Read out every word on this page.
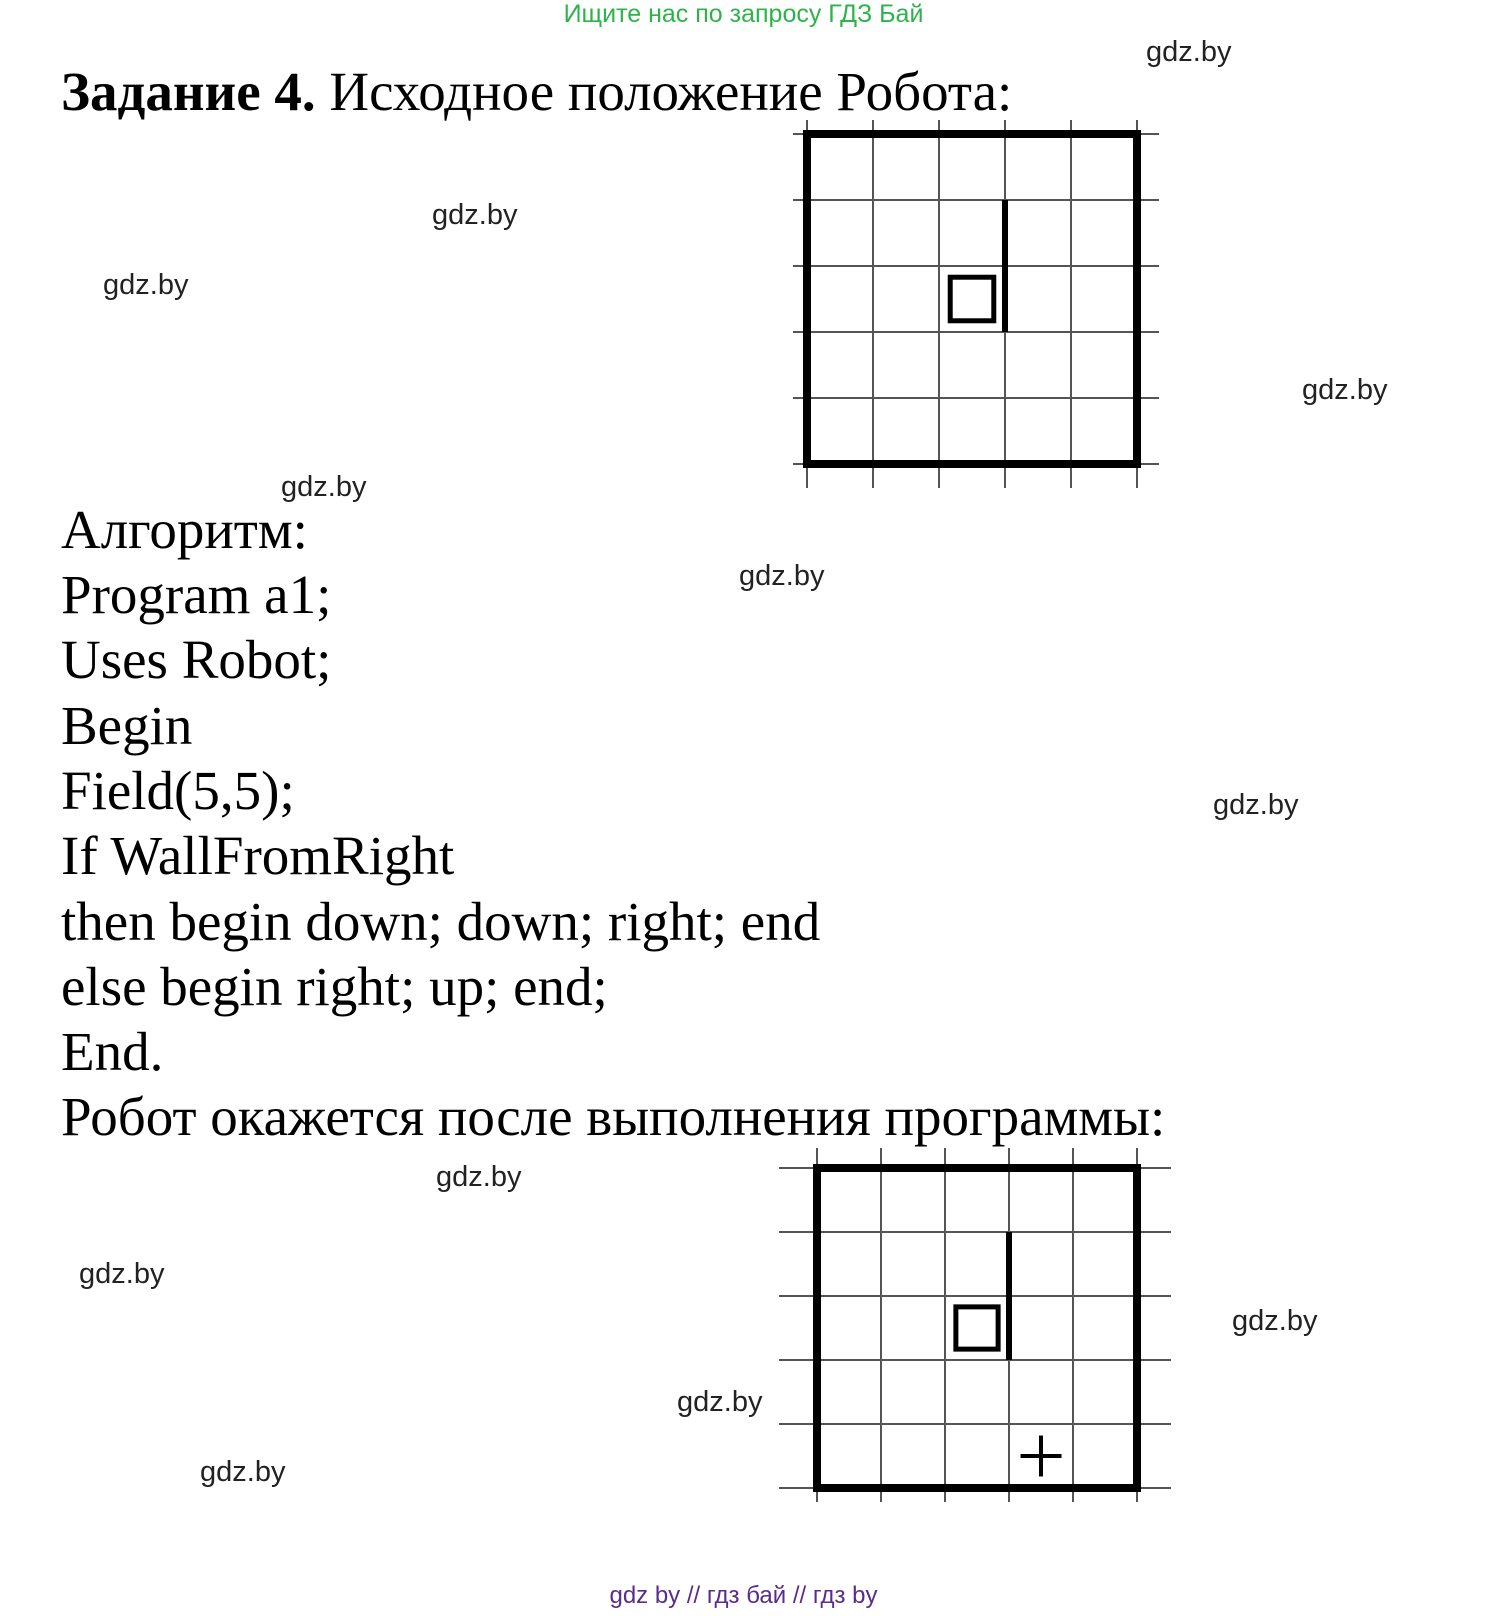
Ищите нас по запросу ГДЗ Бай
Задание 4. Исходное положение Робота:
Алгоритм:
Program a1;
Uses Robot;
Begin
Field(5,5);
If WallFromRight
then begin down; down; right; end
else begin right; up; end;
End.
Робот окажется после выполнения программы:
gdz.by
gdz.by
gdz.by
gdz.by
gdz.by
gdz.by
gdz.by
gdz.by
gdz.by
gdz.by
gdz.by
gdz.by
gdz by // гдз бай // гдз by
